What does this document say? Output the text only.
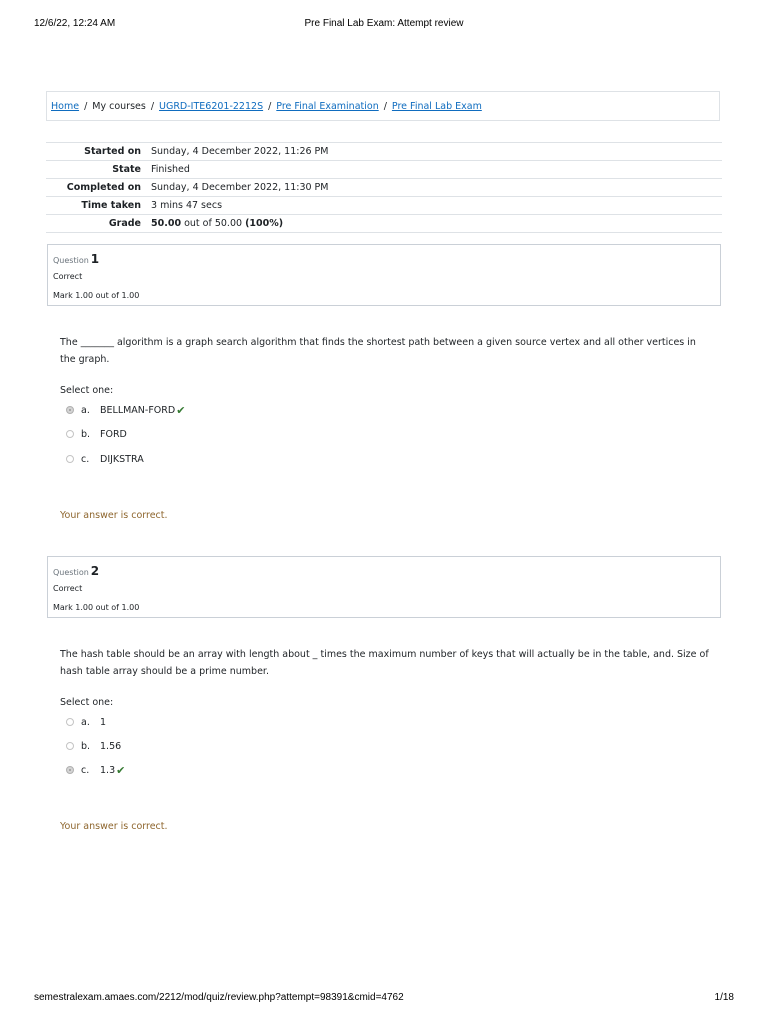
12/6/22, 12:24 AM	Pre Final Lab Exam: Attempt review
Home / My courses / UGRD-ITE6201-2212S / Pre Final Examination / Pre Final Lab Exam
Started on	Sunday, 4 December 2022, 11:26 PM
State	Finished
Completed on	Sunday, 4 December 2022, 11:30 PM
Time taken	3 mins 47 secs
Grade	50.00 out of 50.00 (100%)
Question 1
Correct
Mark 1.00 out of 1.00
The _______ algorithm is a graph search algorithm that finds the shortest path between a given source vertex and all other vertices in the graph.
Select one:
a.	BELLMAN-FORD ✔
b.	FORD
c.	DIJKSTRA
Your answer is correct.
Question 2
Correct
Mark 1.00 out of 1.00
The hash table should be an array with length about _ times the maximum number of keys that will actually be in the table, and. Size of hash table array should be a prime number.
Select one:
a.	1
b.	1.56
c.	1.3 ✔
Your answer is correct.
semestralexam.amaes.com/2212/mod/quiz/review.php?attempt=98391&cmid=4762	1/18
